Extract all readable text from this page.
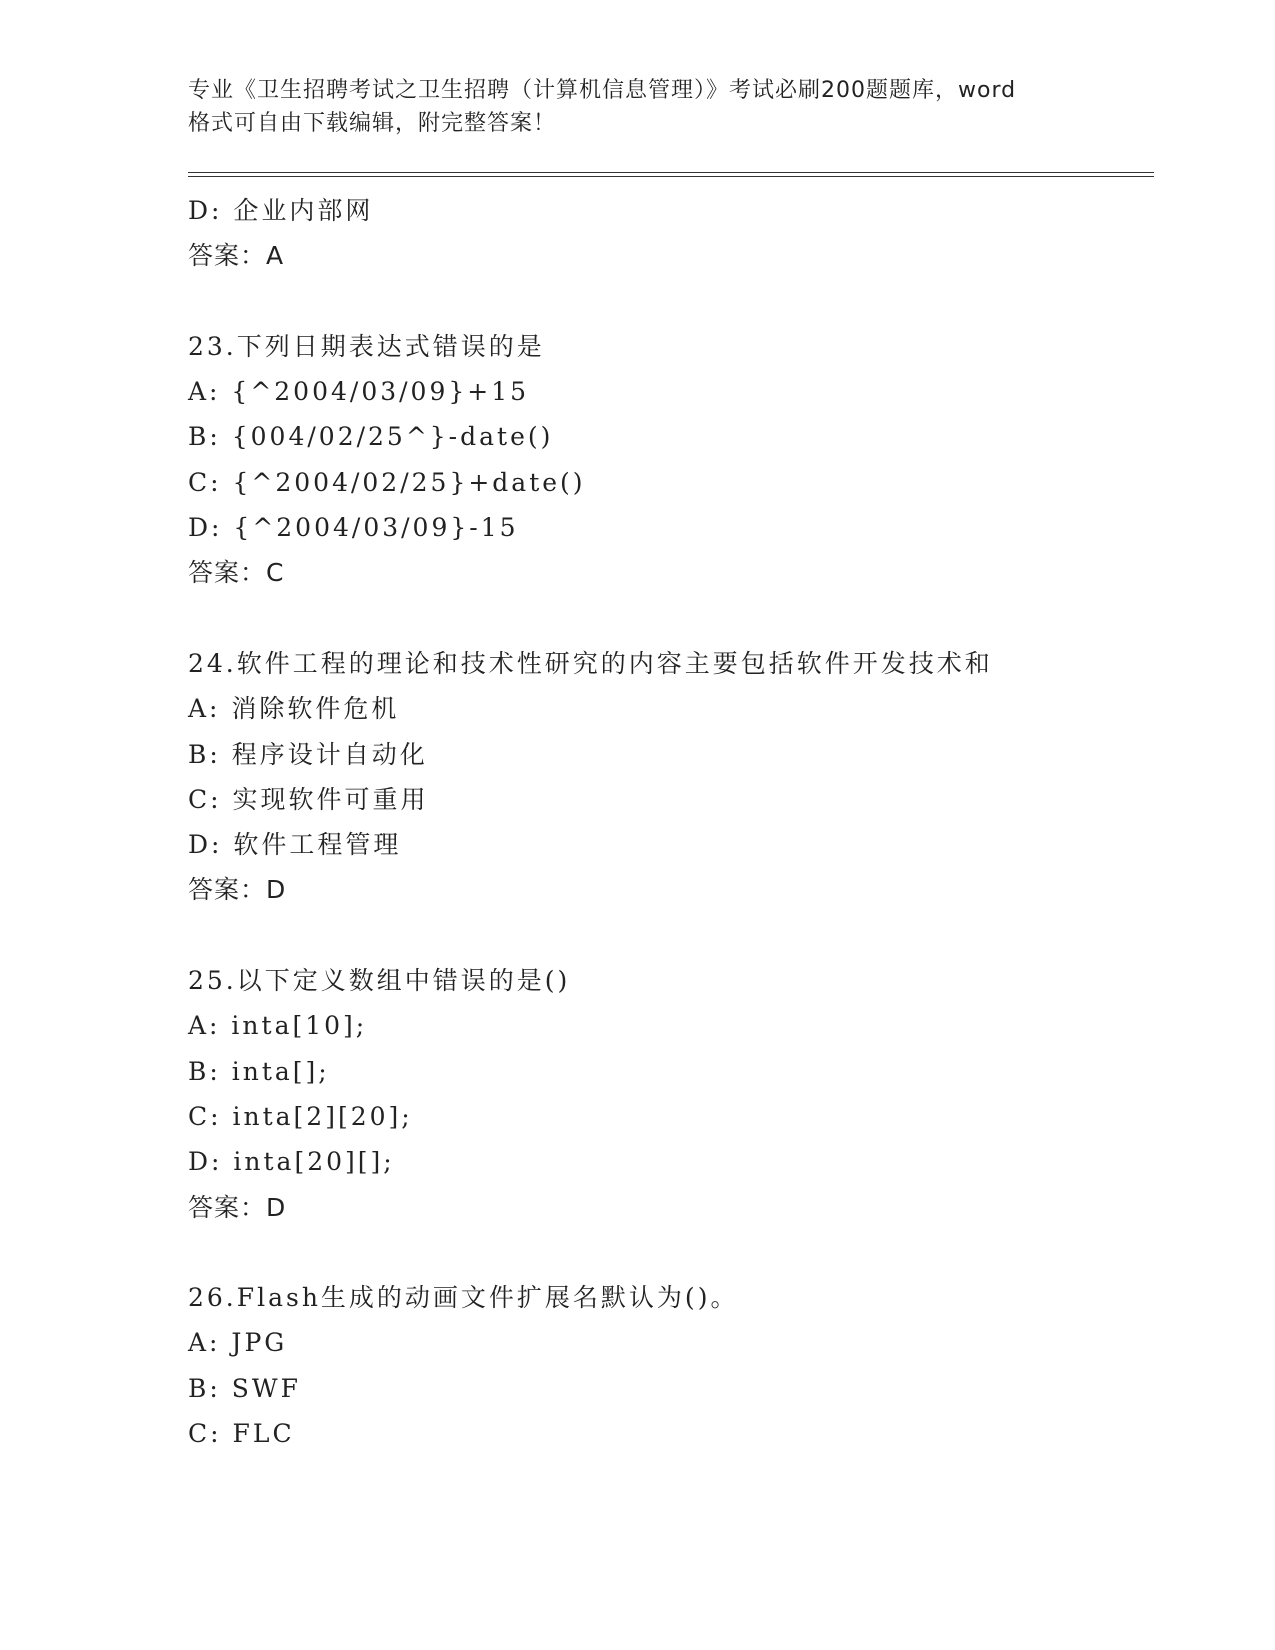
专业《卫生招聘考试之卫生招聘（计算机信息管理）》考试必刷200题题库，word
格式可自由下载编辑，附完整答案！
D: 企业内部网
答案：A
23.下列日期表达式错误的是
A: {^2004/03/09}+15
B: {004/02/25^}-date()
C: {^2004/02/25}+date()
D: {^2004/03/09}-15
答案：C
24.软件工程的理论和技术性研究的内容主要包括软件开发技术和
A: 消除软件危机
B: 程序设计自动化
C: 实现软件可重用
D: 软件工程管理
答案：D
25.以下定义数组中错误的是()
A: inta[10];
B: inta[];
C: inta[2][20];
D: inta[20][];
答案：D
26.Flash生成的动画文件扩展名默认为()。
A: JPG
B: SWF
C: FLC
